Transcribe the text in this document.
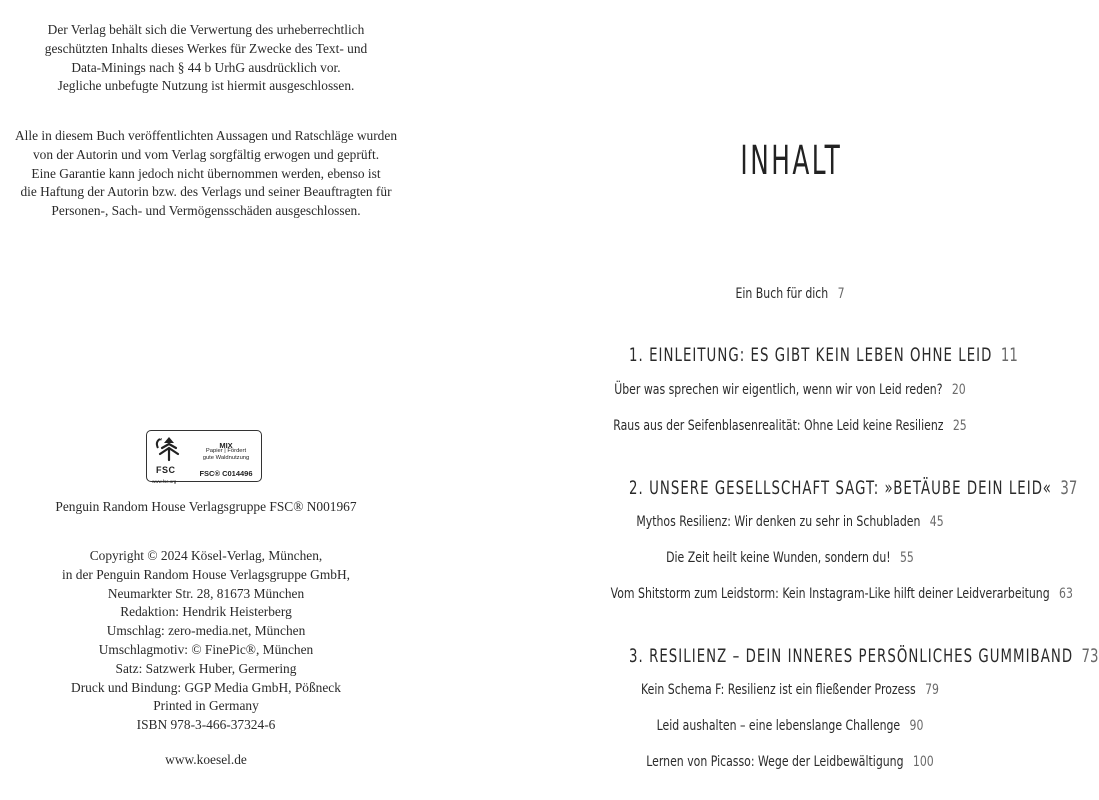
Der Verlag behält sich die Verwertung des urheberrechtlich
geschützten Inhalts dieses Werkes für Zwecke des Text- und
Data-Minings nach § 44 b UrhG ausdrücklich vor.
Jegliche unbefugte Nutzung ist hiermit ausgeschlossen.
Alle in diesem Buch veröffentlichten Aussagen und Ratschläge wurden
von der Autorin und vom Verlag sorgfältig erwogen und geprüft.
Eine Garantie kann jedoch nicht übernommen werden, ebenso ist
die Haftung der Autorin bzw. des Verlags und seiner Beauftragten für
Personen-, Sach- und Vermögensschäden ausgeschlossen.
FSC
www.fsc.org
MIX
Papier | Fördert
gute Waldnutzung
FSC® C014496
Penguin Random House Verlagsgruppe FSC® N001967
Copyright © 2024 Kösel-Verlag, München,
in der Penguin Random House Verlagsgruppe GmbH,
Neumarkter Str. 28, 81673 München
Redaktion: Hendrik Heisterberg
Umschlag: zero-media.net, München
Umschlagmotiv: © FinePic®, München
Satz: Satzwerk Huber, Germering
Druck und Bindung: GGP Media GmbH, Pößneck
Printed in Germany
ISBN 978-3-466-37324-6
www.koesel.de
INHALT
Ein Buch für dich 7
1. EINLEITUNG: ES GIBT KEIN LEBEN OHNE LEID 11
Über was sprechen wir eigentlich, wenn wir von Leid reden? 20
Raus aus der Seifenblasenrealität: Ohne Leid keine Resilienz 25
2. UNSERE GESELLSCHAFT SAGT: »BETÄUBE DEIN LEID« 37
Mythos Resilienz: Wir denken zu sehr in Schubladen 45
Die Zeit heilt keine Wunden, sondern du! 55
Vom Shitstorm zum Leidstorm: Kein Instagram-Like hilft deiner Leidverarbeitung 63
3. RESILIENZ – DEIN INNERES PERSÖNLICHES GUMMIBAND 73
Kein Schema F: Resilienz ist ein fließender Prozess 79
Leid aushalten – eine lebenslange Challenge 90
Lernen von Picasso: Wege der Leidbewältigung 100
